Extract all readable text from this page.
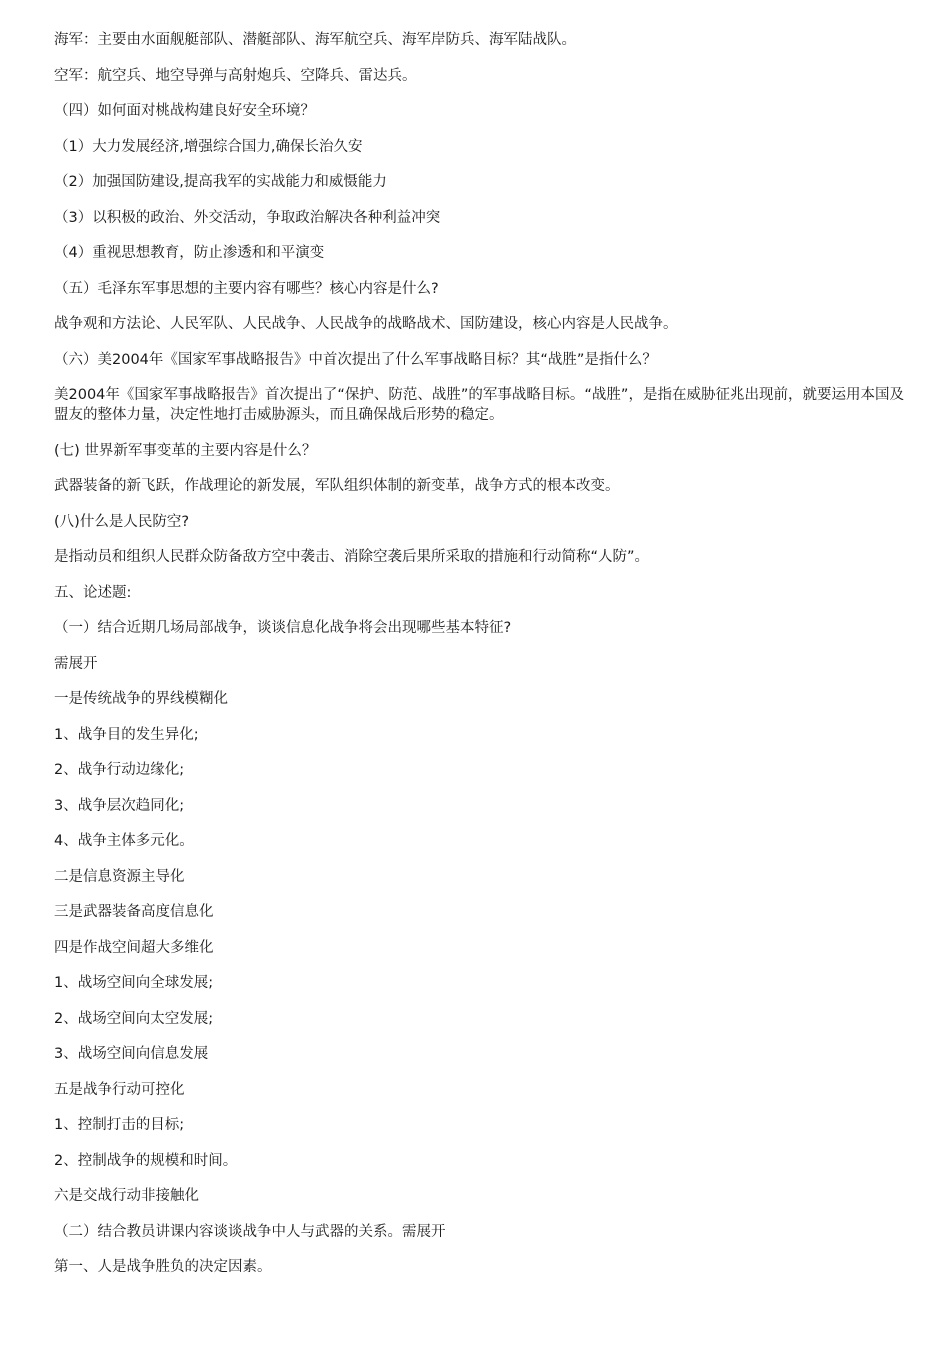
海军：主要由水面舰艇部队、潜艇部队、海军航空兵、海军岸防兵、海军陆战队。

空军：航空兵、地空导弹与高射炮兵、空降兵、雷达兵。

（四）如何面对桃战构建良好安全环境？

（1）大力发展经济,增强综合国力,确保长治久安

（2）加强国防建设,提高我军的实战能力和威慑能力

（3）以积极的政治、外交活动，争取政治解决各种利益冲突

（4）重视思想教育，防止渗透和和平演变

（五）毛泽东军事思想的主要内容有哪些？核心内容是什么?

战争观和方法论、人民军队、人民战争、人民战争的战略战术、国防建设，核心内容是人民战争。

（六）美2004年《国家军事战略报告》中首次提出了什么军事战略目标？其“战胜”是指什么？

美2004年《国家军事战略报告》首次提出了“保护、防范、战胜”的军事战略目标。“战胜”，是指在威胁征兆出现前，就要运用本国及盟友的整体力量，决定性地打击威胁源头，而且确保战后形势的稳定。

(七) 世界新军事变革的主要内容是什么？

武器装备的新飞跃，作战理论的新发展，军队组织体制的新变革，战争方式的根本改变。

(八)什么是人民防空?

是指动员和组织人民群众防备敌方空中袭击、消除空袭后果所采取的措施和行动简称“人防”。

五、论述题:

（一）结合近期几场局部战争，谈谈信息化战争将会出现哪些基本特征?

需展开

一是传统战争的界线模糊化

1、战争目的发生异化;

2、战争行动边缘化;

3、战争层次趋同化;

4、战争主体多元化。

二是信息资源主导化

三是武器装备高度信息化

四是作战空间超大多维化

1、战场空间向全球发展;

2、战场空间向太空发展;

3、战场空间向信息发展

五是战争行动可控化

1、控制打击的目标;

2、控制战争的规模和时间。

六是交战行动非接触化

（二）结合教员讲课内容谈谈战争中人与武器的关系。需展开

第一、人是战争胜负的决定因素。
